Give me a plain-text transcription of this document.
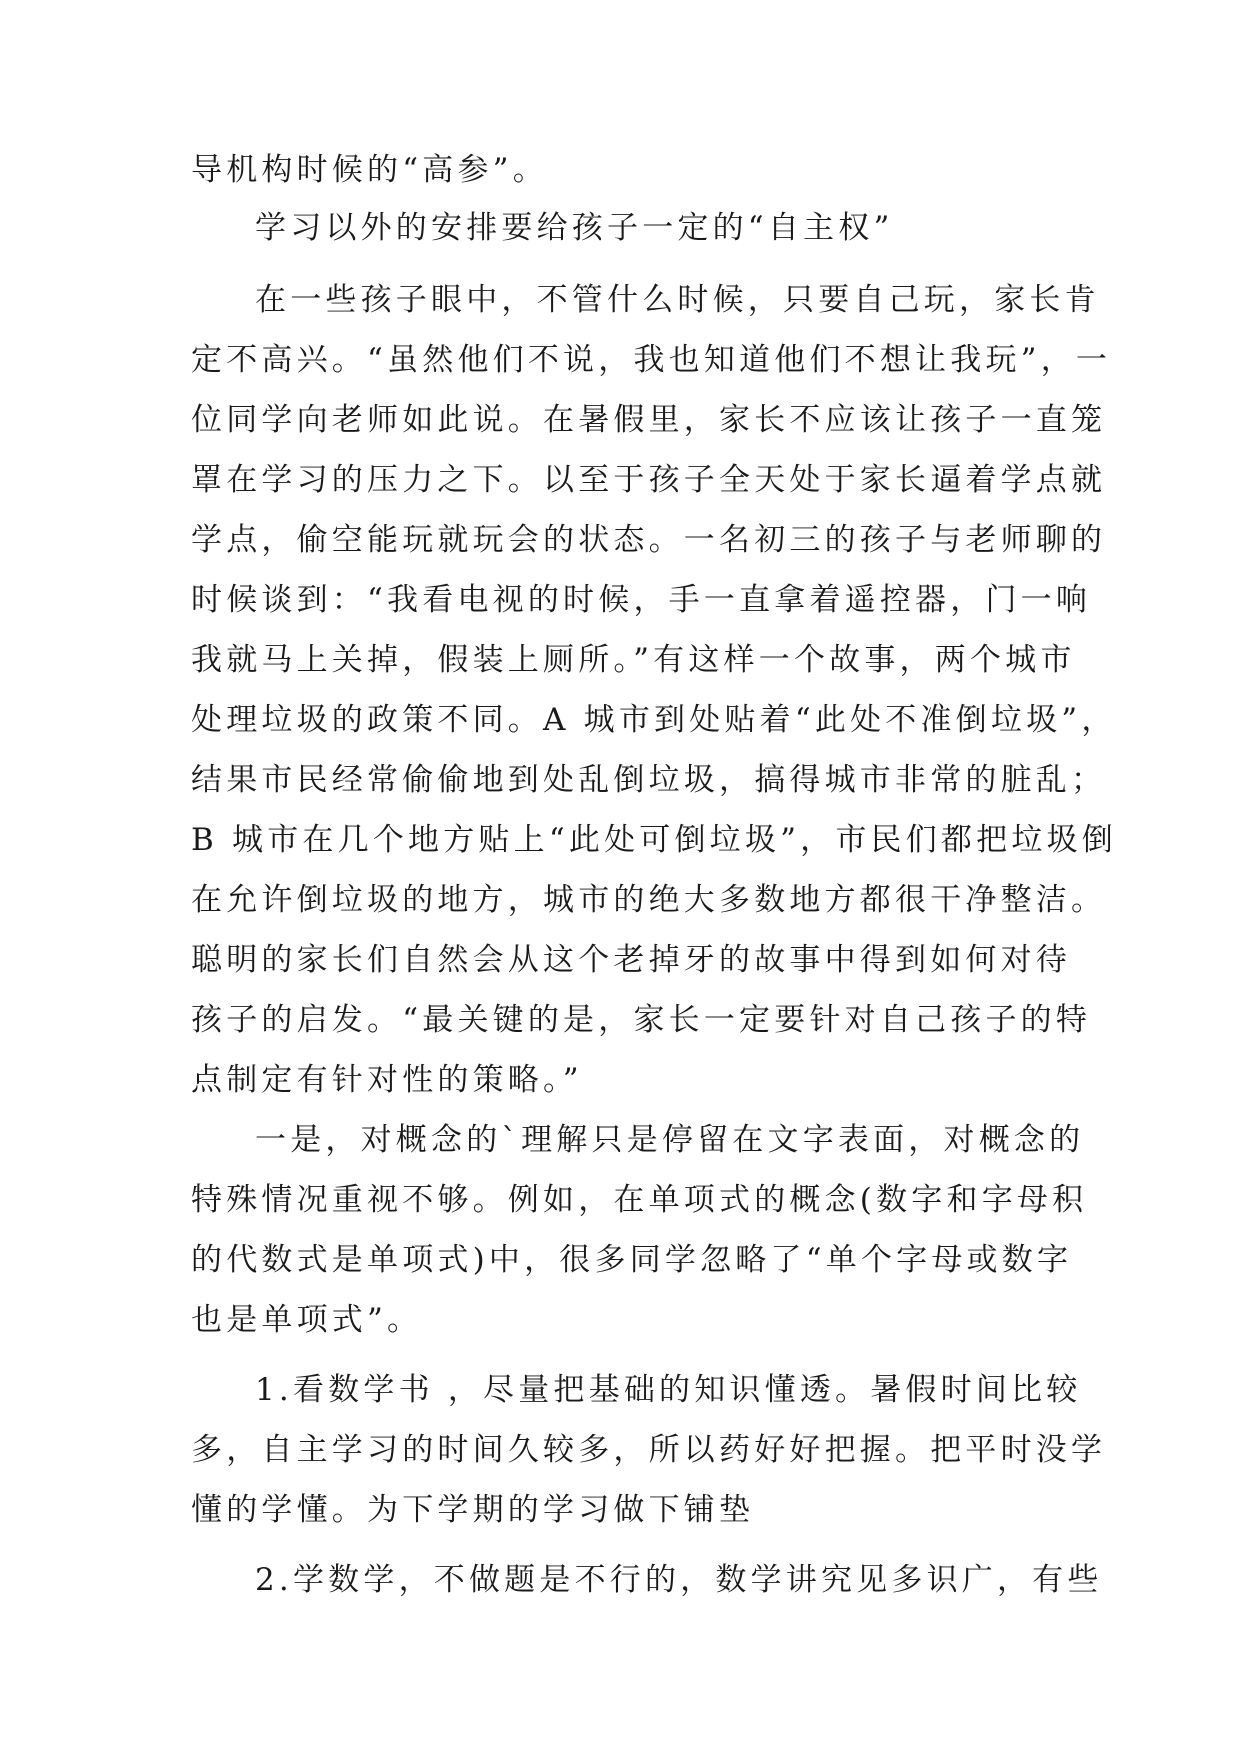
导机构时候的“高参”。
学习以外的安排要给孩子一定的“自主权”
在一些孩子眼中，不管什么时候，只要自己玩，家长肯
定不高兴。“虽然他们不说，我也知道他们不想让我玩”，一
位同学向老师如此说。在暑假里，家长不应该让孩子一直笼
罩在学习的压力之下。以至于孩子全天处于家长逼着学点就
学点，偷空能玩就玩会的状态。一名初三的孩子与老师聊的
时候谈到：“我看电视的时候，手一直拿着遥控器，门一响
我就马上关掉，假装上厕所。”有这样一个故事，两个城市
处理垃圾的政策不同。A 城市到处贴着“此处不准倒垃圾”，
结果市民经常偷偷地到处乱倒垃圾，搞得城市非常的脏乱；
B 城市在几个地方贴上“此处可倒垃圾”，市民们都把垃圾倒
在允许倒垃圾的地方，城市的绝大多数地方都很干净整洁。
聪明的家长们自然会从这个老掉牙的故事中得到如何对待
孩子的启发。“最关键的是，家长一定要针对自己孩子的特
点制定有针对性的策略。”
一是，对概念的`理解只是停留在文字表面，对概念的
特殊情况重视不够。例如，在单项式的概念(数字和字母积
的代数式是单项式)中，很多同学忽略了“单个字母或数字
也是单项式”。
1.看数学书 ，尽量把基础的知识懂透。暑假时间比较
多，自主学习的时间久较多，所以药好好把握。把平时没学
懂的学懂。为下学期的学习做下铺垫
2.学数学，不做题是不行的，数学讲究见多识广，有些
